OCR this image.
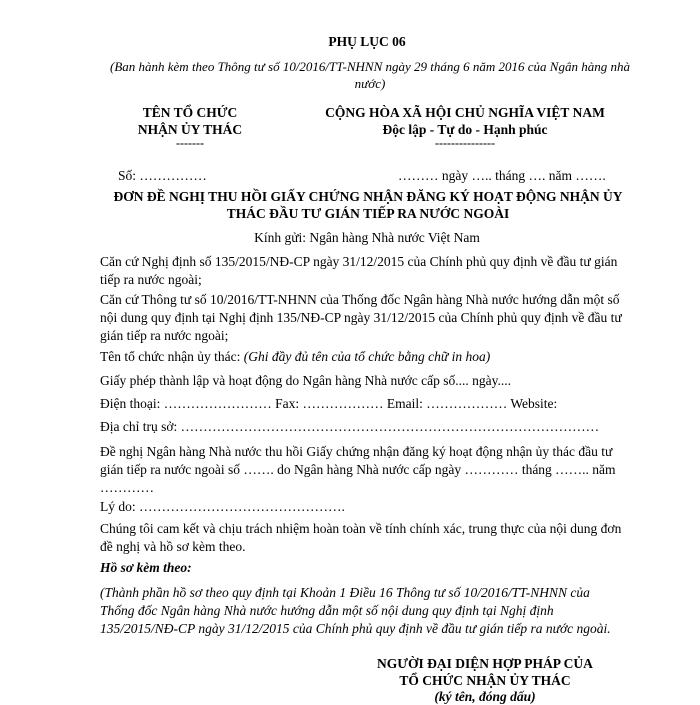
PHỤ LỤC 06
(Ban hành kèm theo Thông tư số 10/2016/TT-NHNN ngày 29 tháng 6 năm 2016 của Ngân hàng nhà nước)
TÊN TỔ CHỨC
NHẬN ỦY THÁC
-------
Số: ……………
CỘNG HÒA XÃ HỘI CHỦ NGHĨA VIỆT NAM
Độc lập - Tự do - Hạnh phúc
---------------
……… ngày ….. tháng …. năm …….
ĐƠN ĐỀ NGHỊ THU HỒI GIẤY CHỨNG NHẬN ĐĂNG KÝ HOẠT ĐỘNG NHẬN ỦY THÁC ĐẦU TƯ GIÁN TIẾP RA NƯỚC NGOÀI
Kính gửi: Ngân hàng Nhà nước Việt Nam
Căn cứ Nghị định số 135/2015/NĐ-CP ngày 31/12/2015 của Chính phủ quy định về đầu tư gián tiếp ra nước ngoài;
Căn cứ Thông tư số 10/2016/TT-NHNN của Thống đốc Ngân hàng Nhà nước hướng dẫn một số nội dung quy định tại Nghị định 135/NĐ-CP ngày 31/12/2015 của Chính phủ quy định về đầu tư gián tiếp ra nước ngoài;
Tên tổ chức nhận ủy thác: (Ghi đầy đủ tên của tổ chức bằng chữ in hoa)
Giấy phép thành lập và hoạt động do Ngân hàng Nhà nước cấp số.... ngày....
Điện thoại: …………………… Fax: ……………… Email: ……………… Website:
Địa chỉ trụ sở: …………………………………………………………………………………
Đề nghị Ngân hàng Nhà nước thu hồi Giấy chứng nhận đăng ký hoạt động nhận ủy thác đầu tư gián tiếp ra nước ngoài số ……. do Ngân hàng Nhà nước cấp ngày ………… tháng …….. năm …………
Lý do: ……………………………………….
Chúng tôi cam kết và chịu trách nhiệm hoàn toàn về tính chính xác, trung thực của nội dung đơn đề nghị và hồ sơ kèm theo.
Hồ sơ kèm theo:
(Thành phần hồ sơ theo quy định tại Khoản 1 Điều 16 Thông tư số 10/2016/TT-NHNN của Thống đốc Ngân hàng Nhà nước hướng dẫn một số nội dung quy định tại Nghị định 135/2015/NĐ-CP ngày 31/12/2015 của Chính phủ quy định về đầu tư gián tiếp ra nước ngoài.
NGƯỜI ĐẠI DIỆN HỢP PHÁP CỦA
TỔ CHỨC NHẬN ỦY THÁC
(ký tên, đóng dấu)
